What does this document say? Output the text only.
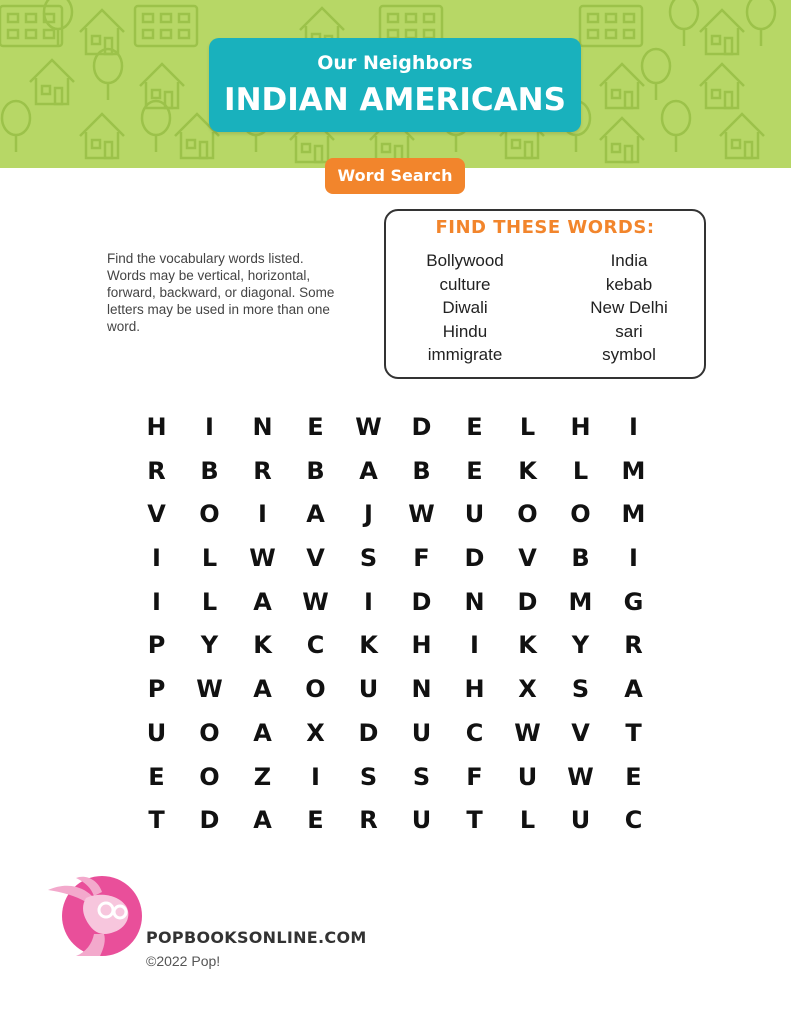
Our Neighbors
INDIAN AMERICANS
Word Search
Find the vocabulary words listed. Words may be vertical, horizontal, forward, backward, or diagonal. Some letters may be used in more than one word.
FIND THESE WORDS:
Bollywood
culture
Diwali
Hindu
immigrate
India
kebab
New Delhi
sari
symbol
H	I	N	E	W	D	E	L	H	I
R	B	R	B	A	B	E	K	L	M
V	O	I	A	J	W	U	O	O	M
I	L	W	V	S	F	D	V	B	I
I	L	A	W	I	D	N	D	M	G
P	Y	K	C	K	H	I	K	Y	R
P	W	A	O	U	N	H	X	S	A
U	O	A	X	D	U	C	W	V	T
E	O	Z	I	S	S	F	U	W	E
T	D	A	E	R	U	T	L	U	C
POPBOOKSONLINE.COM
©2022 Pop!
